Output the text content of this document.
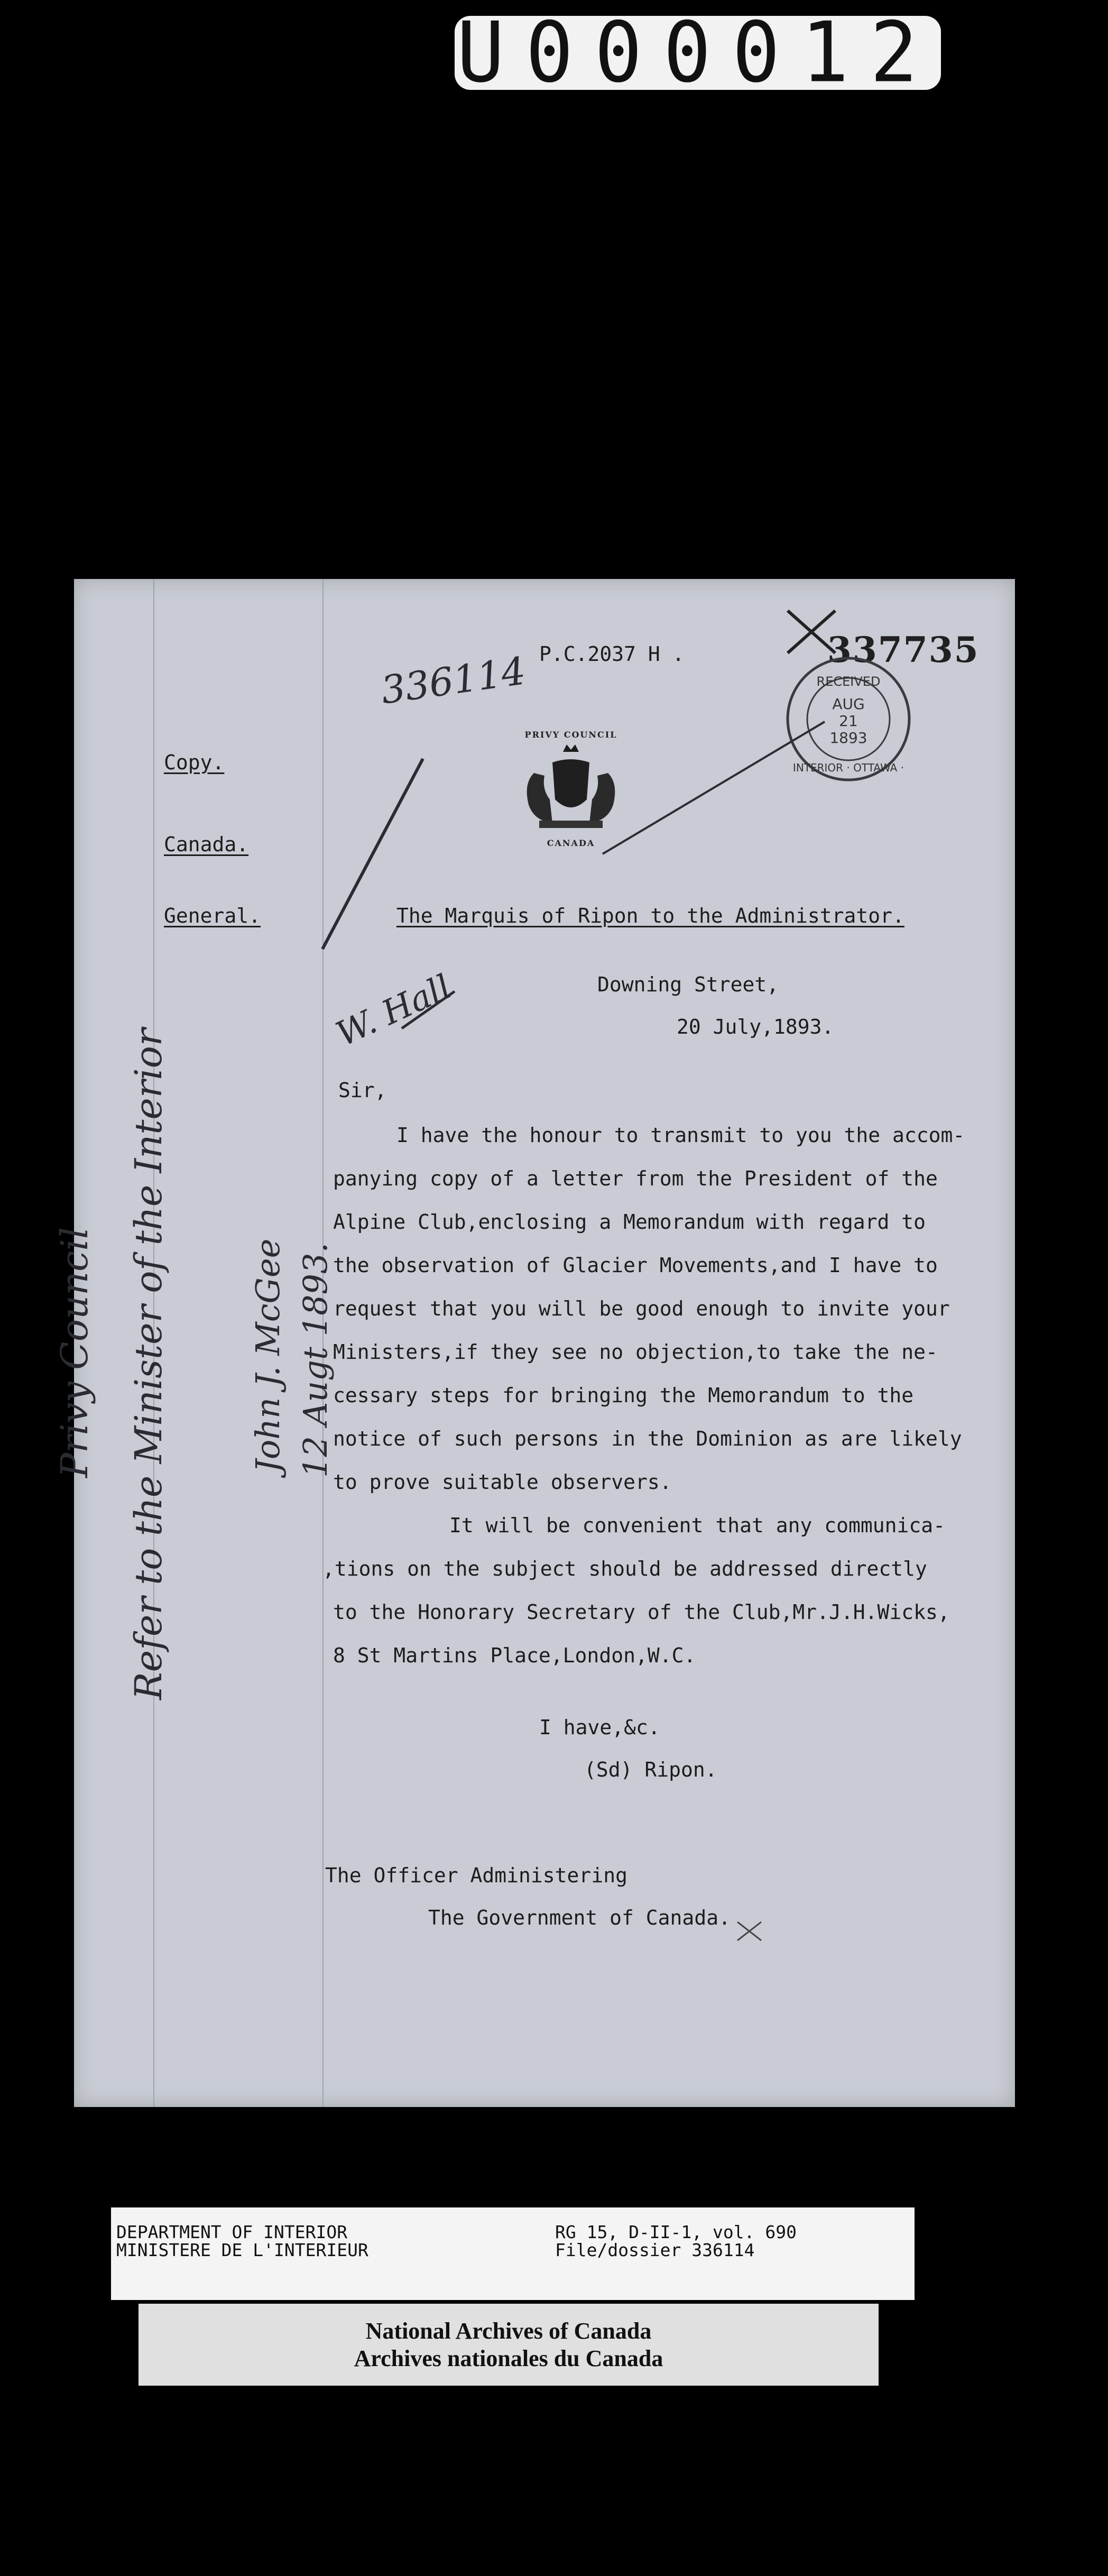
U000012
Copy.
Canada.
General.
P.C.2037 H .
336114	337735
PRIVY COUNCIL
CANADA
RECEIVED
AUG
21
1893
INTERIOR · OTTAWA ·
Privy Council Refer to the Minister of the Interior John J. McGee 12 Augt 1893.
W. Hall
The Marquis of Ripon to the Administrator.
Downing Street,
20 July,1893.
Sir,
I have the honour to transmit to you the accom-
panying copy of a letter from the President of the
Alpine Club,enclosing a Memorandum with regard to
the observation of Glacier Movements,and I have to
request that you will be good enough to invite your
Ministers,if they see no objection,to take the ne-
cessary steps for bringing the Memorandum to the
notice of such persons in the Dominion as are likely
to prove suitable observers.
It will be convenient that any communica-
,tions on the subject should be addressed directly
to the Honorary Secretary of the Club,Mr.J.H.Wicks,
8 St Martins Place,London,W.C.
I have,&c.
(Sd) Ripon.
The Officer Administering
The Government of Canada.
DEPARTMENT OF INTERIOR
MINISTERE DE L'INTERIEUR
RG 15, D-II-1, vol. 690
File/dossier 336114
National Archives of Canada
Archives nationales du Canada
